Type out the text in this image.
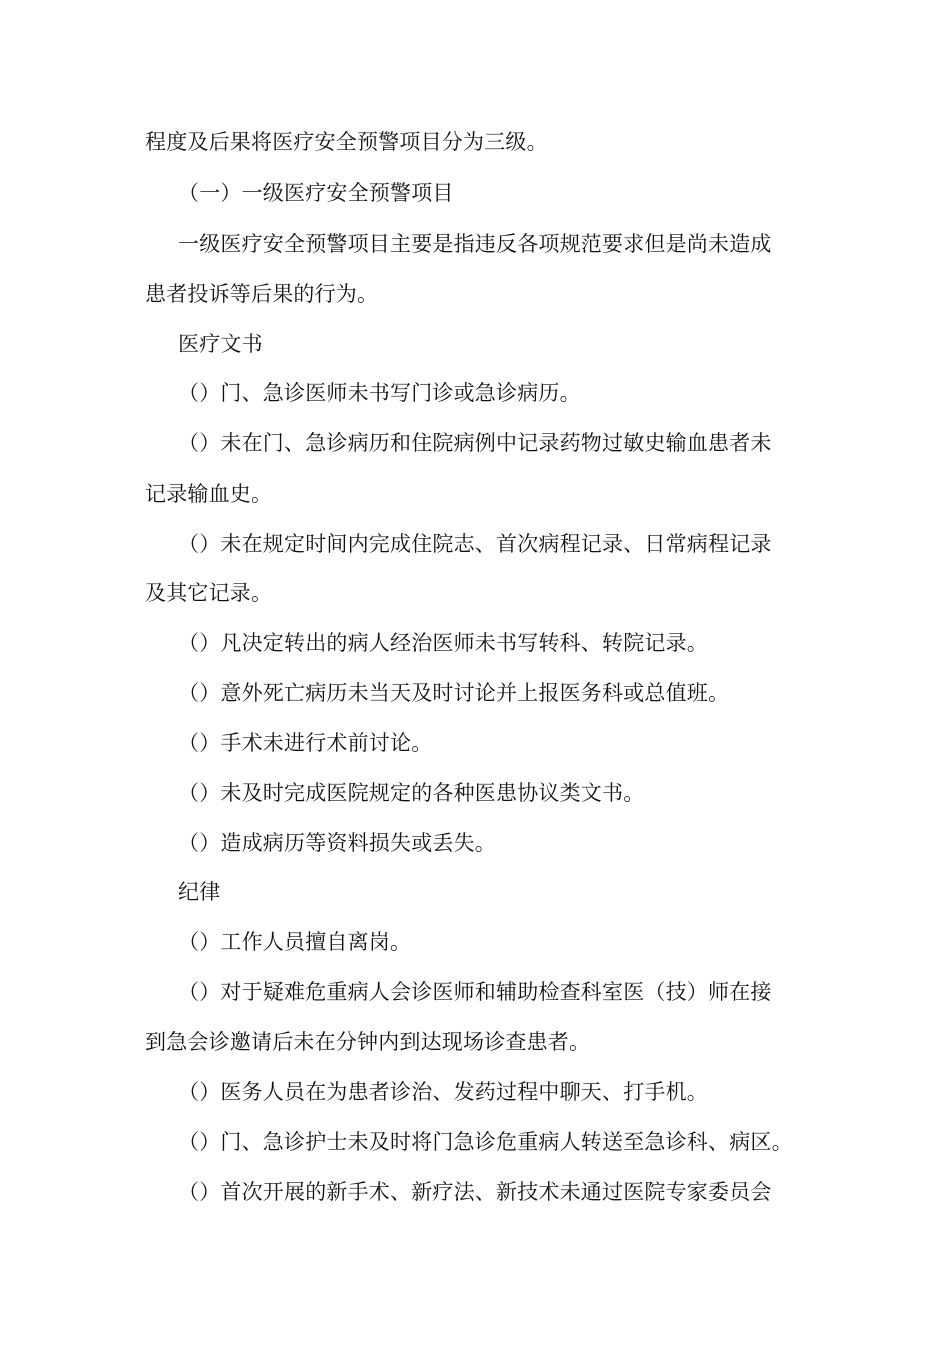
程度及后果将医疗安全预警项目分为三级。
（一）一级医疗安全预警项目
一级医疗安全预警项目主要是指违反各项规范要求但是尚未造成
患者投诉等后果的行为。
医疗文书
（）门、急诊医师未书写门诊或急诊病历。
（）未在门、急诊病历和住院病例中记录药物过敏史输血患者未
记录输血史。
（）未在规定时间内完成住院志、首次病程记录、日常病程记录
及其它记录。
（）凡决定转出的病人经治医师未书写转科、转院记录。
（）意外死亡病历未当天及时讨论并上报医务科或总值班。
（）手术未进行术前讨论。
（）未及时完成医院规定的各种医患协议类文书。
（）造成病历等资料损失或丢失。
纪律
（）工作人员擅自离岗。
（）对于疑难危重病人会诊医师和辅助检查科室医（技）师在接
到急会诊邀请后未在分钟内到达现场诊查患者。
（）医务人员在为患者诊治、发药过程中聊天、打手机。
（）门、急诊护士未及时将门急诊危重病人转送至急诊科、病区。
（）首次开展的新手术、新疗法、新技术未通过医院专家委员会
